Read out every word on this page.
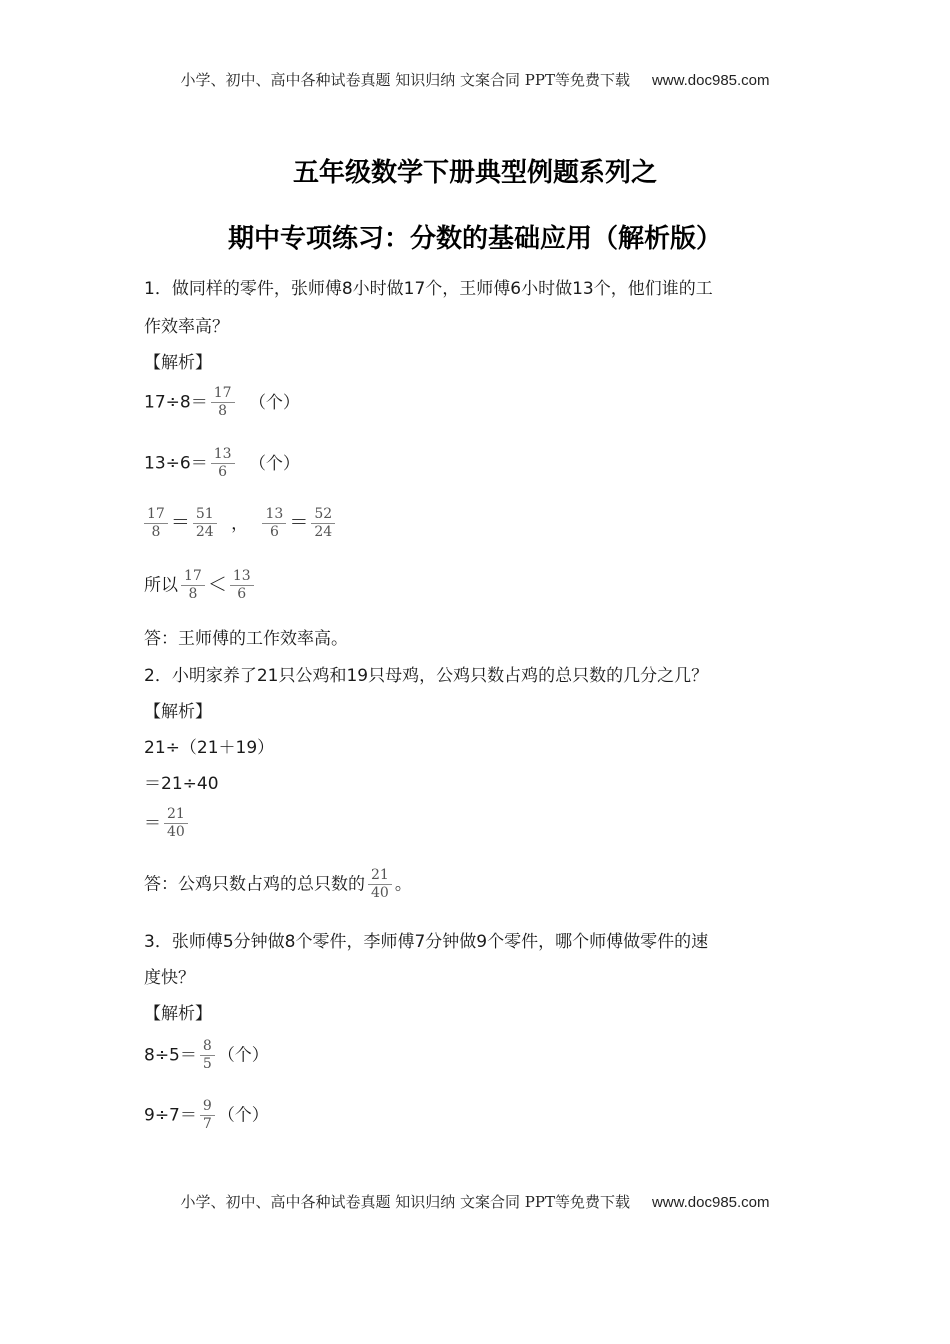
小学、初中、高中各种试卷真题 知识归纳 文案合同 PPT等免费下载 www.doc985.com
五年级数学下册典型例题系列之
期中专项练习：分数的基础应用（解析版）
1．做同样的零件，张师傅8小时做17个，王师傅6小时做13个，他们谁的工
作效率高？
【解析】
$17\div 8= \frac{17}{8}$ （个）
$13\div 6= \frac{13}{6}$ （个）
$\frac{17}{8} = \frac{51}{24}$ ， $\frac{13}{6} = \frac{52}{24}$
所以 $\frac{17}{8} < \frac{13}{6}$
答：王师傅的工作效率高。
2．小明家养了21只公鸡和19只母鸡，公鸡只数占鸡的总只数的几分之几？
【解析】
21÷（21＋19）
＝21÷40
＝ $\frac{21}{40}$
答：公鸡只数占鸡的总只数的 $\frac{21}{40}$ 。
3．张师傅5分钟做8个零件，李师傅7分钟做9个零件，哪个师傅做零件的速
度快？
【解析】
$8\div 5= \frac{8}{5}$ （个）
$9\div 7= \frac{9}{7}$ （个）
小学、初中、高中各种试卷真题 知识归纳 文案合同 PPT等免费下载 www.doc985.com
